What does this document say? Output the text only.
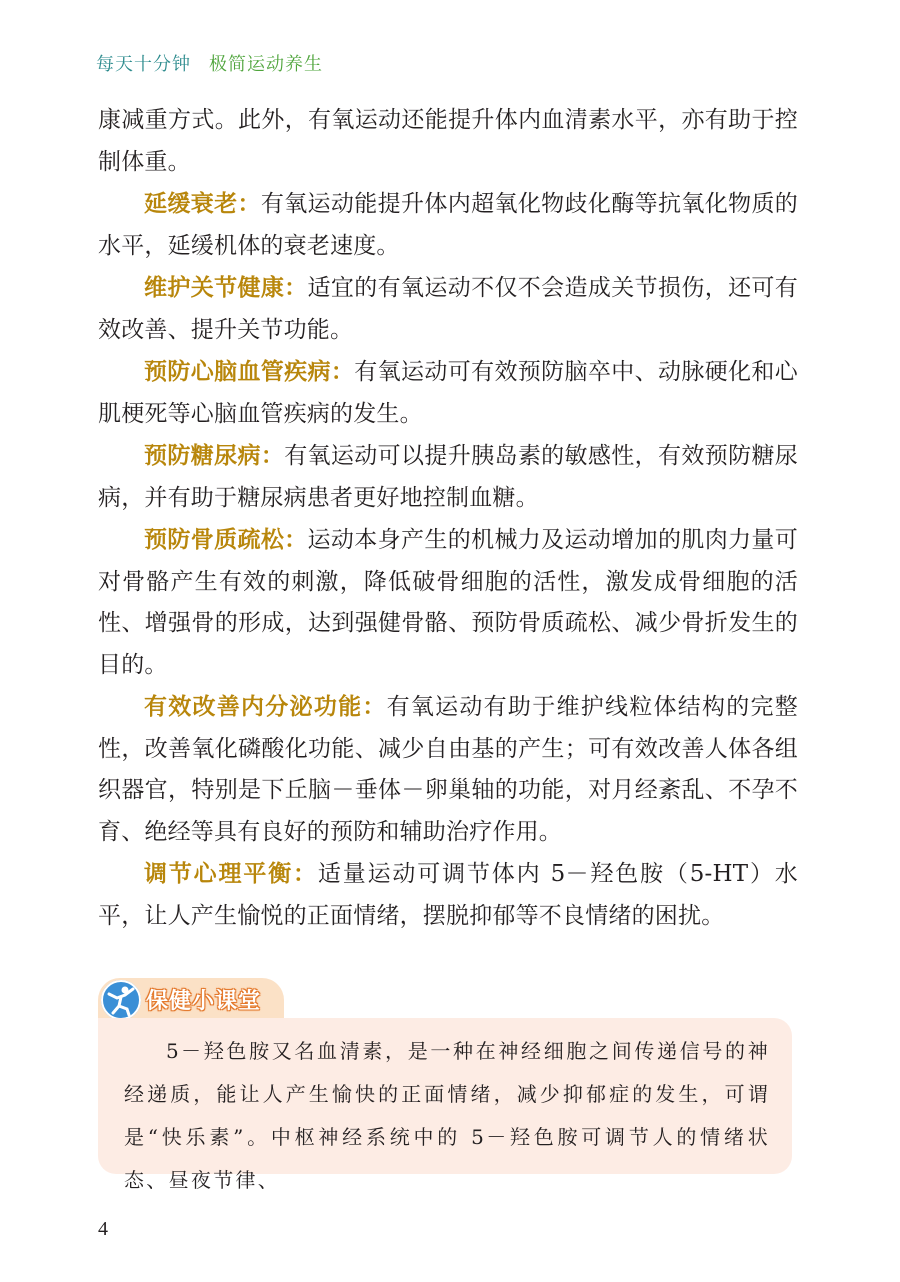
每天十分钟 极简运动养生

康减重方式。此外，有氧运动还能提升体内血清素水平，亦有助于控制体重。

延缓衰老：有氧运动能提升体内超氧化物歧化酶等抗氧化物质的水平，延缓机体的衰老速度。

维护关节健康：适宜的有氧运动不仅不会造成关节损伤，还可有效改善、提升关节功能。

预防心脑血管疾病：有氧运动可有效预防脑卒中、动脉硬化和心肌梗死等心脑血管疾病的发生。

预防糖尿病：有氧运动可以提升胰岛素的敏感性，有效预防糖尿病，并有助于糖尿病患者更好地控制血糖。

预防骨质疏松：运动本身产生的机械力及运动增加的肌肉力量可对骨骼产生有效的刺激，降低破骨细胞的活性，激发成骨细胞的活性、增强骨的形成，达到强健骨骼、预防骨质疏松、减少骨折发生的目的。

有效改善内分泌功能：有氧运动有助于维护线粒体结构的完整性，改善氧化磷酸化功能、减少自由基的产生；可有效改善人体各组织器官，特别是下丘脑－垂体－卵巢轴的功能，对月经紊乱、不孕不育、绝经等具有良好的预防和辅助治疗作用。

调节心理平衡：适量运动可调节体内 5－羟色胺（5-HT）水平，让人产生愉悦的正面情绪，摆脱抑郁等不良情绪的困扰。

保健小课堂
5－羟色胺又名血清素，是一种在神经细胞之间传递信号的神经递质，能让人产生愉快的正面情绪，减少抑郁症的发生，可谓是“快乐素”。中枢神经系统中的 5－羟色胺可调节人的情绪状态、昼夜节律、
4
